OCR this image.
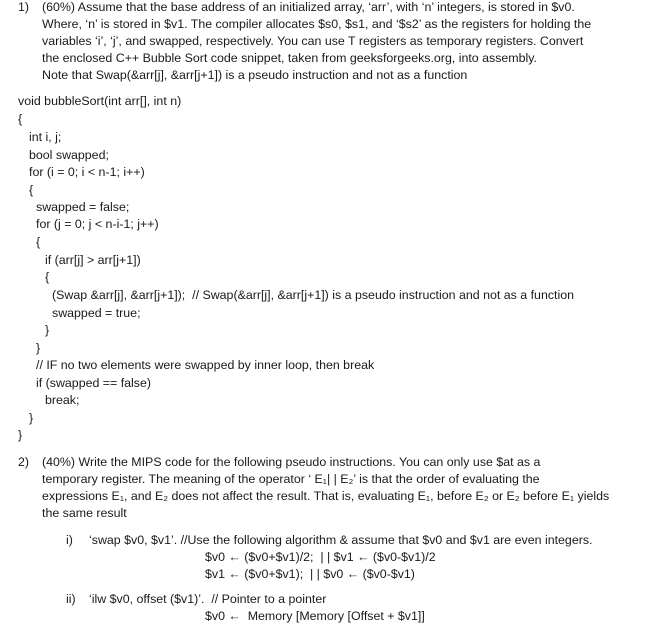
1) (60%) Assume that the base address of an initialized array, ‘arr’, with ‘n’ integers, is stored in $v0.
Where, ‘n’ is stored in $v1. The compiler allocates $s0, $s1, and ‘$s2’ as the registers for holding the
variables ‘i’, ‘j’, and swapped, respectively. You can use T registers as temporary registers. Convert
the enclosed C++ Bubble Sort code snippet, taken from geeksforgeeks.org, into assembly.
Note that Swap(&arr[j], &arr[j+1]) is a pseudo instruction and not as a function
void bubbleSort(int arr[], int n)
{
int i, j;
bool swapped;
for (i = 0; i < n-1; i++)
{
swapped = false;
for (j = 0; j < n-i-1; j++)
{
if (arr[j] > arr[j+1])
{
(Swap &arr[j], &arr[j+1]);  // Swap(&arr[j], &arr[j+1]) is a pseudo instruction and not as a function
swapped = true;
}
}
// IF no two elements were swapped by inner loop, then break
if (swapped == false)
break;
}
}
2) (40%) Write the MIPS code for the following pseudo instructions. You can only use $at as a
temporary register. The meaning of the operator ‘ E₁| | E₂’ is that the order of evaluating the
expressions E₁, and E₂ does not affect the result. That is, evaluating E₁, before E₂ or E₂ before E₁ yields
the same result
i) ‘swap $v0, $v1’. //Use the following algorithm & assume that $v0 and $v1 are even integers.
$v0 ← ($v0+$v1)/2;  | | $v1 ← ($v0-$v1)/2
$v1 ← ($v0+$v1);  | | $v0 ← ($v0-$v1)
ii) ‘ilw $v0, offset ($v1)’.  // Pointer to a pointer
$v0 ←  Memory [Memory [Offset + $v1]]
